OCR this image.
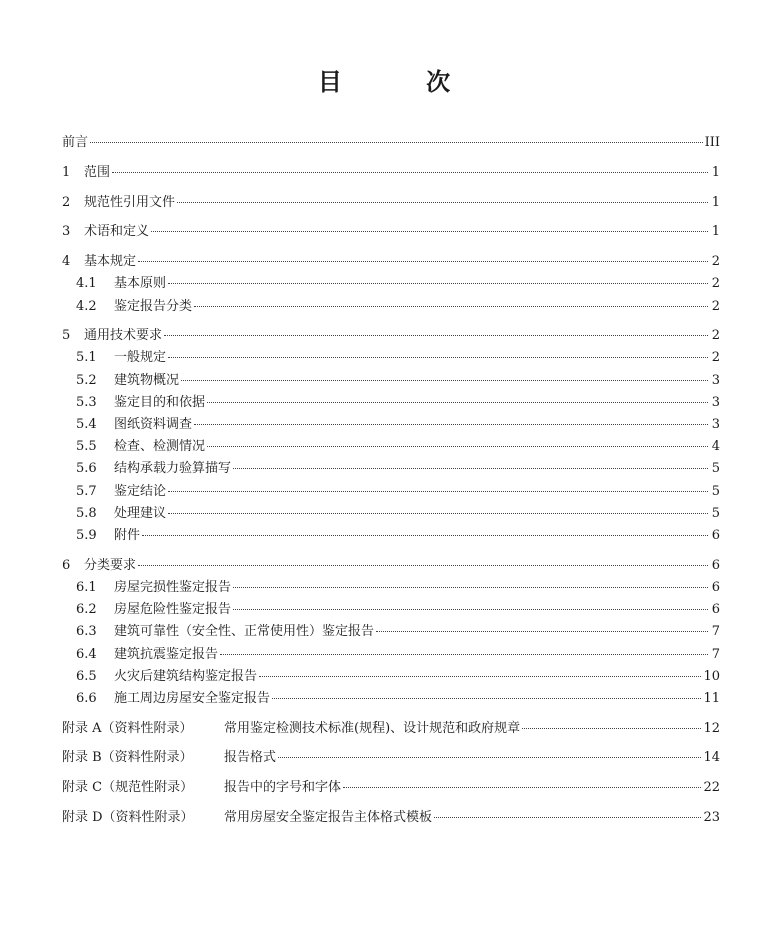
目 次
前言	III
1	范围	1
2	规范性引用文件	1
3	术语和定义	1
4	基本规定	2
4.1	基本原则	2
4.2	鉴定报告分类	2
5	通用技术要求	2
5.1	一般规定	2
5.2	建筑物概况	3
5.3	鉴定目的和依据	3
5.4	图纸资料调查	3
5.5	检查、检测情况	4
5.6	结构承载力验算描写	5
5.7	鉴定结论	5
5.8	处理建议	5
5.9	附件	6
6	分类要求	6
6.1	房屋完损性鉴定报告	6
6.2	房屋危险性鉴定报告	6
6.3	建筑可靠性（安全性、正常使用性）鉴定报告	7
6.4	建筑抗震鉴定报告	7
6.5	火灾后建筑结构鉴定报告	10
6.6	施工周边房屋安全鉴定报告	11
附录 A（资料性附录）	常用鉴定检测技术标准(规程)、设计规范和政府规章	12
附录 B（资料性附录）	报告格式	14
附录 C（规范性附录）	报告中的字号和字体	22
附录 D（资料性附录）	常用房屋安全鉴定报告主体格式模板	23
